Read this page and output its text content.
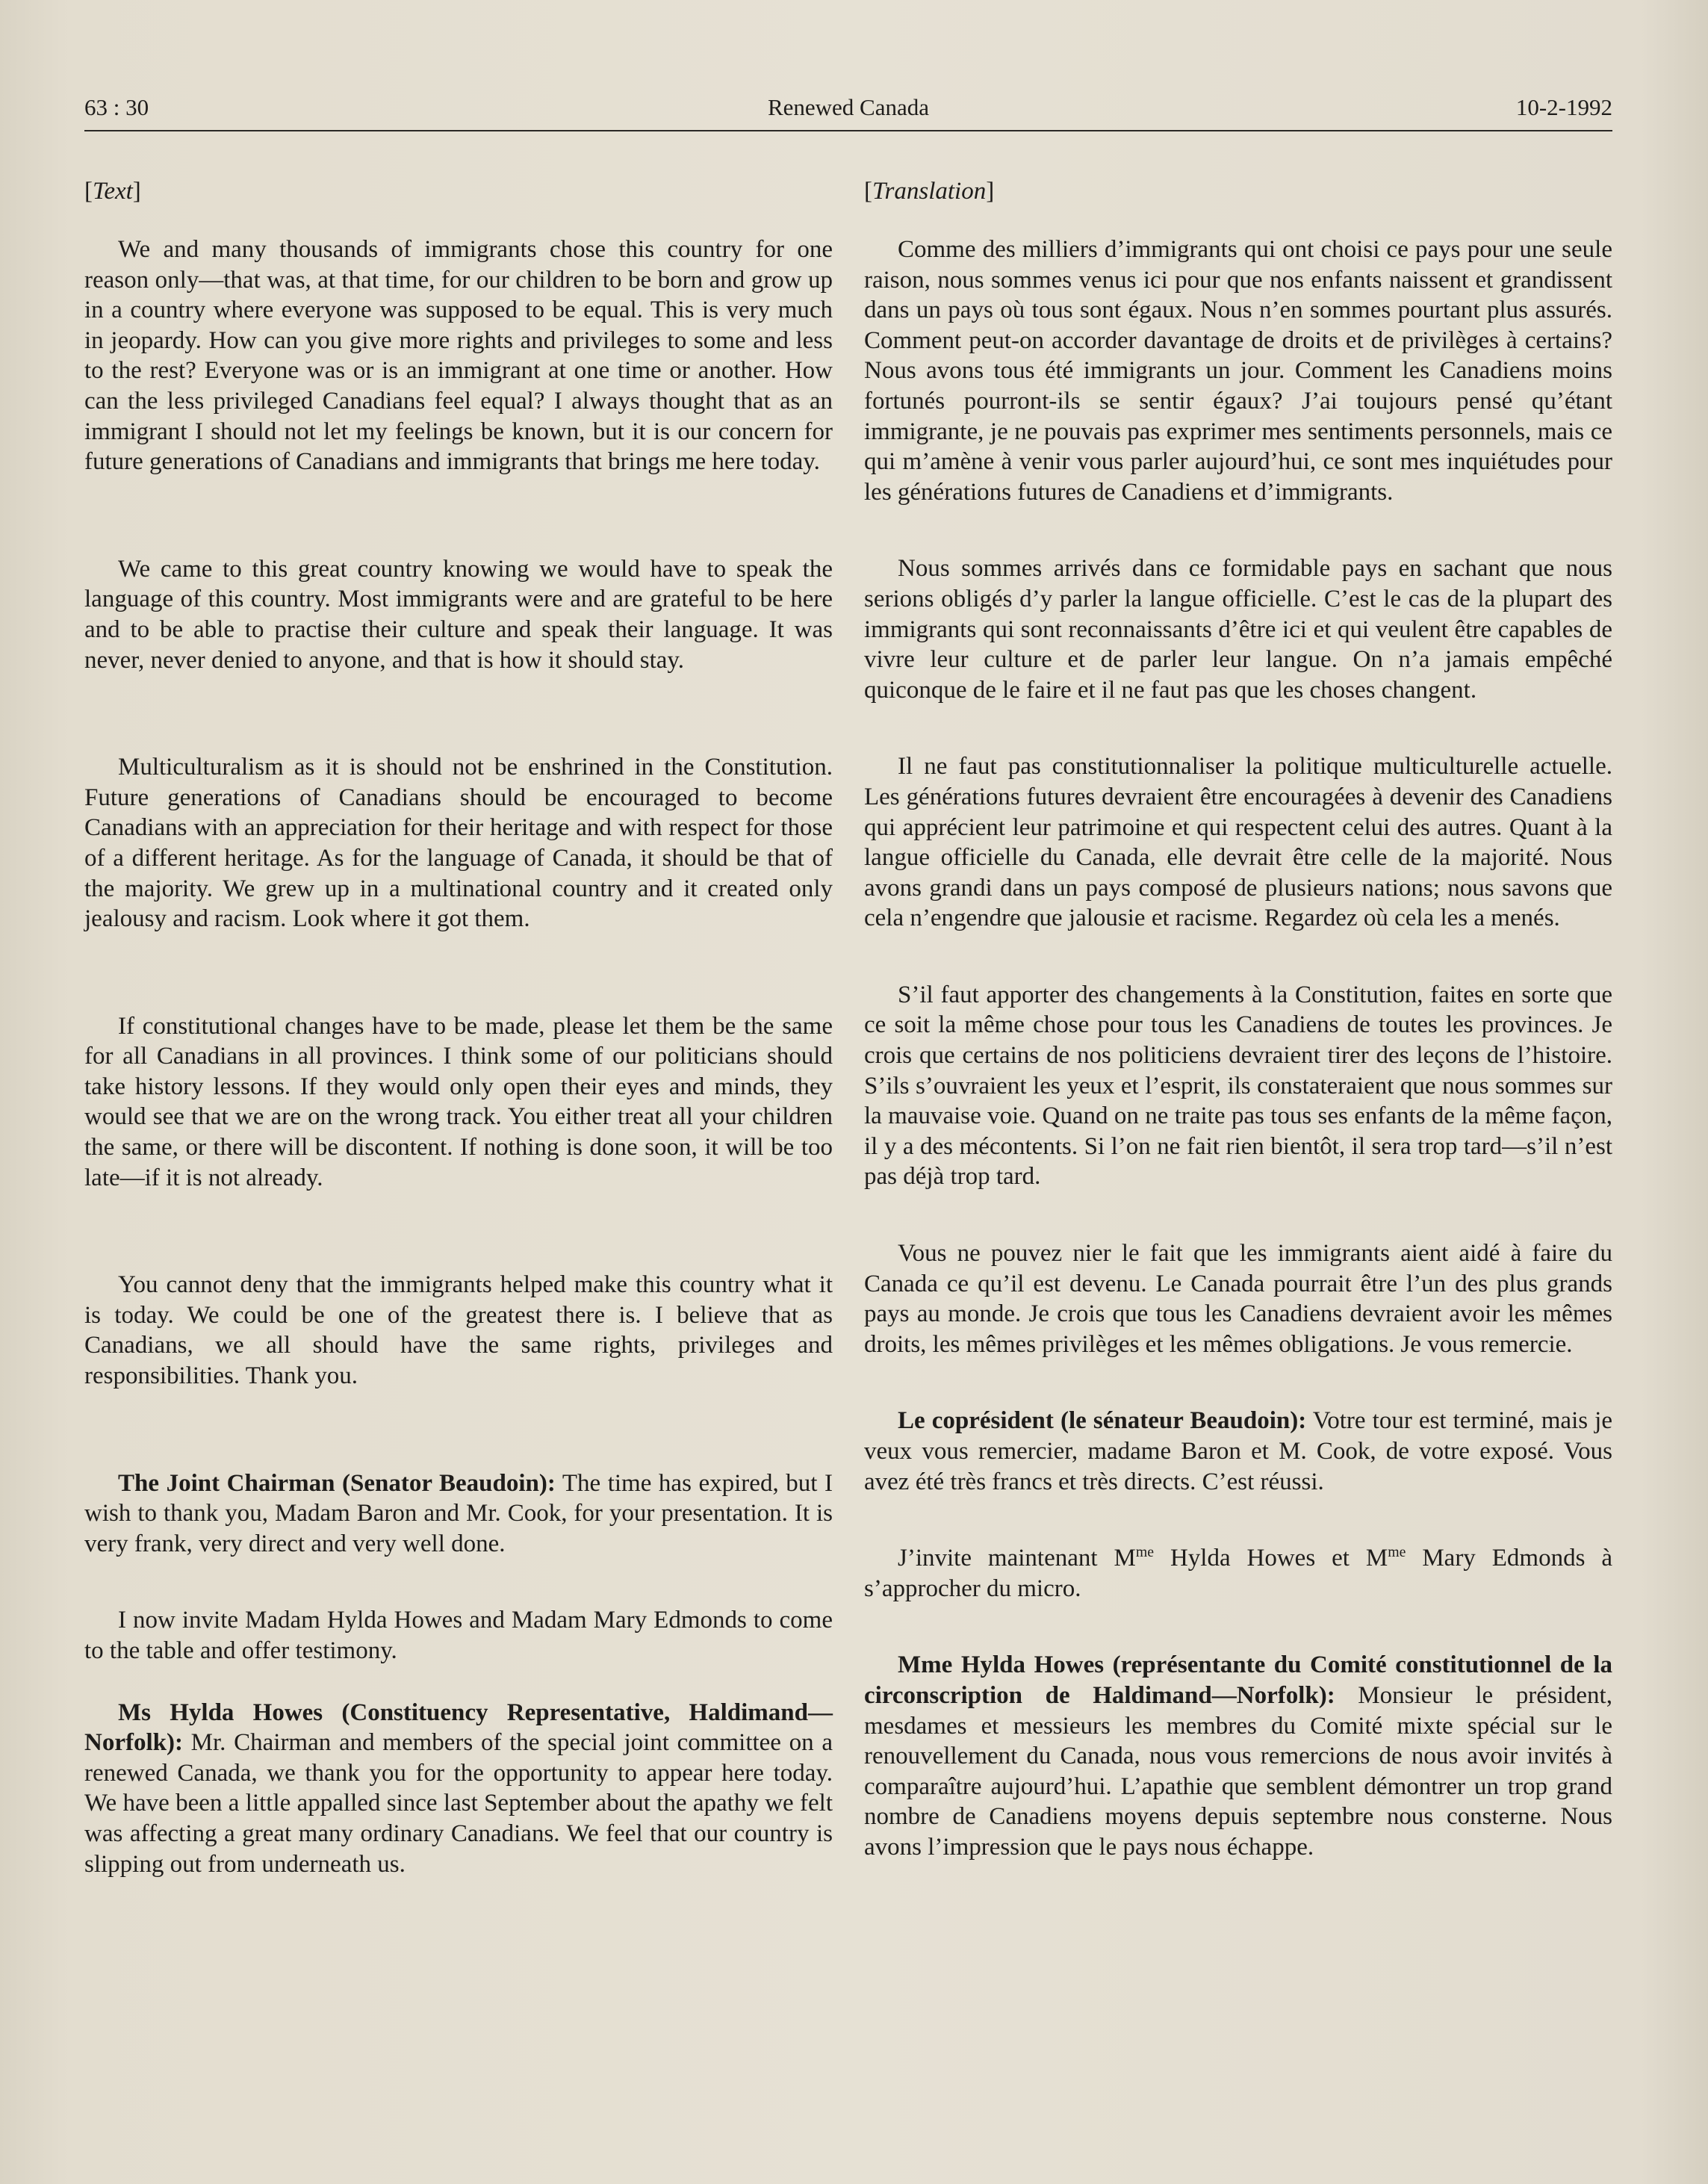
63 : 30	Renewed Canada	10-2-1992
[Text]

We and many thousands of immigrants chose this country for one reason only—that was, at that time, for our children to be born and grow up in a country where everyone was supposed to be equal. This is very much in jeopardy. How can you give more rights and privileges to some and less to the rest? Everyone was or is an immigrant at one time or another. How can the less privileged Canadians feel equal? I always thought that as an immigrant I should not let my feelings be known, but it is our concern for future generations of Canadians and immigrants that brings me here today.

We came to this great country knowing we would have to speak the language of this country. Most immigrants were and are grateful to be here and to be able to practise their culture and speak their language. It was never, never denied to anyone, and that is how it should stay.

Multiculturalism as it is should not be enshrined in the Constitution. Future generations of Canadians should be encouraged to become Canadians with an appreciation for their heritage and with respect for those of a different heritage. As for the language of Canada, it should be that of the majority. We grew up in a multinational country and it created only jealousy and racism. Look where it got them.

If constitutional changes have to be made, please let them be the same for all Canadians in all provinces. I think some of our politicians should take history lessons. If they would only open their eyes and minds, they would see that we are on the wrong track. You either treat all your children the same, or there will be discontent. If nothing is done soon, it will be too late—if it is not already.

You cannot deny that the immigrants helped make this country what it is today. We could be one of the greatest there is. I believe that as Canadians, we all should have the same rights, privileges and responsibilities. Thank you.

The Joint Chairman (Senator Beaudoin): The time has expired, but I wish to thank you, Madam Baron and Mr. Cook, for your presentation. It is very frank, very direct and very well done.

I now invite Madam Hylda Howes and Madam Mary Edmonds to come to the table and offer testimony.

Ms Hylda Howes (Constituency Representative, Haldimand—Norfolk): Mr. Chairman and members of the special joint committee on a renewed Canada, we thank you for the opportunity to appear here today. We have been a little appalled since last September about the apathy we felt was affecting a great many ordinary Canadians. We feel that our country is slipping out from underneath us.

[Translation]

Comme des milliers d’immigrants qui ont choisi ce pays pour une seule raison, nous sommes venus ici pour que nos enfants naissent et grandissent dans un pays où tous sont égaux. Nous n’en sommes pourtant plus assurés. Comment peut-on accorder davantage de droits et de privilèges à certains? Nous avons tous été immigrants un jour. Comment les Canadiens moins fortunés pourront-ils se sentir égaux? J’ai toujours pensé qu’étant immigrante, je ne pouvais pas exprimer mes sentiments personnels, mais ce qui m’amène à venir vous parler aujourd’hui, ce sont mes inquiétudes pour les générations futures de Canadiens et d’immigrants.

Nous sommes arrivés dans ce formidable pays en sachant que nous serions obligés d’y parler la langue officielle. C’est le cas de la plupart des immigrants qui sont reconnaissants d’être ici et qui veulent être capables de vivre leur culture et de parler leur langue. On n’a jamais empêché quiconque de le faire et il ne faut pas que les choses changent.

Il ne faut pas constitutionnaliser la politique multiculturelle actuelle. Les générations futures devraient être encouragées à devenir des Canadiens qui apprécient leur patrimoine et qui respectent celui des autres. Quant à la langue officielle du Canada, elle devrait être celle de la majorité. Nous avons grandi dans un pays composé de plusieurs nations; nous savons que cela n’engendre que jalousie et racisme. Regardez où cela les a menés.

S’il faut apporter des changements à la Constitution, faites en sorte que ce soit la même chose pour tous les Canadiens de toutes les provinces. Je crois que certains de nos politiciens devraient tirer des leçons de l’histoire. S’ils s’ouvraient les yeux et l’esprit, ils constateraient que nous sommes sur la mauvaise voie. Quand on ne traite pas tous ses enfants de la même façon, il y a des mécontents. Si l’on ne fait rien bientôt, il sera trop tard—s’il n’est pas déjà trop tard.

Vous ne pouvez nier le fait que les immigrants aient aidé à faire du Canada ce qu’il est devenu. Le Canada pourrait être l’un des plus grands pays au monde. Je crois que tous les Canadiens devraient avoir les mêmes droits, les mêmes privilèges et les mêmes obligations. Je vous remercie.

Le coprésident (le sénateur Beaudoin): Votre tour est terminé, mais je veux vous remercier, madame Baron et M. Cook, de votre exposé. Vous avez été très francs et très directs. C’est réussi.

J’invite maintenant $M^{me}$ Hylda Howes et $M^{me}$ Mary Edmonds à s’approcher du micro.

Mme Hylda Howes (représentante du Comité constitutionnel de la circonscription de Haldimand—Norfolk): Monsieur le président, mesdames et messieurs les membres du Comité mixte spécial sur le renouvellement du Canada, nous vous remercions de nous avoir invités à comparaître aujourd’hui. L’apathie que semblent démontrer un trop grand nombre de Canadiens moyens depuis septembre nous consterne. Nous avons l’impression que le pays nous échappe.
